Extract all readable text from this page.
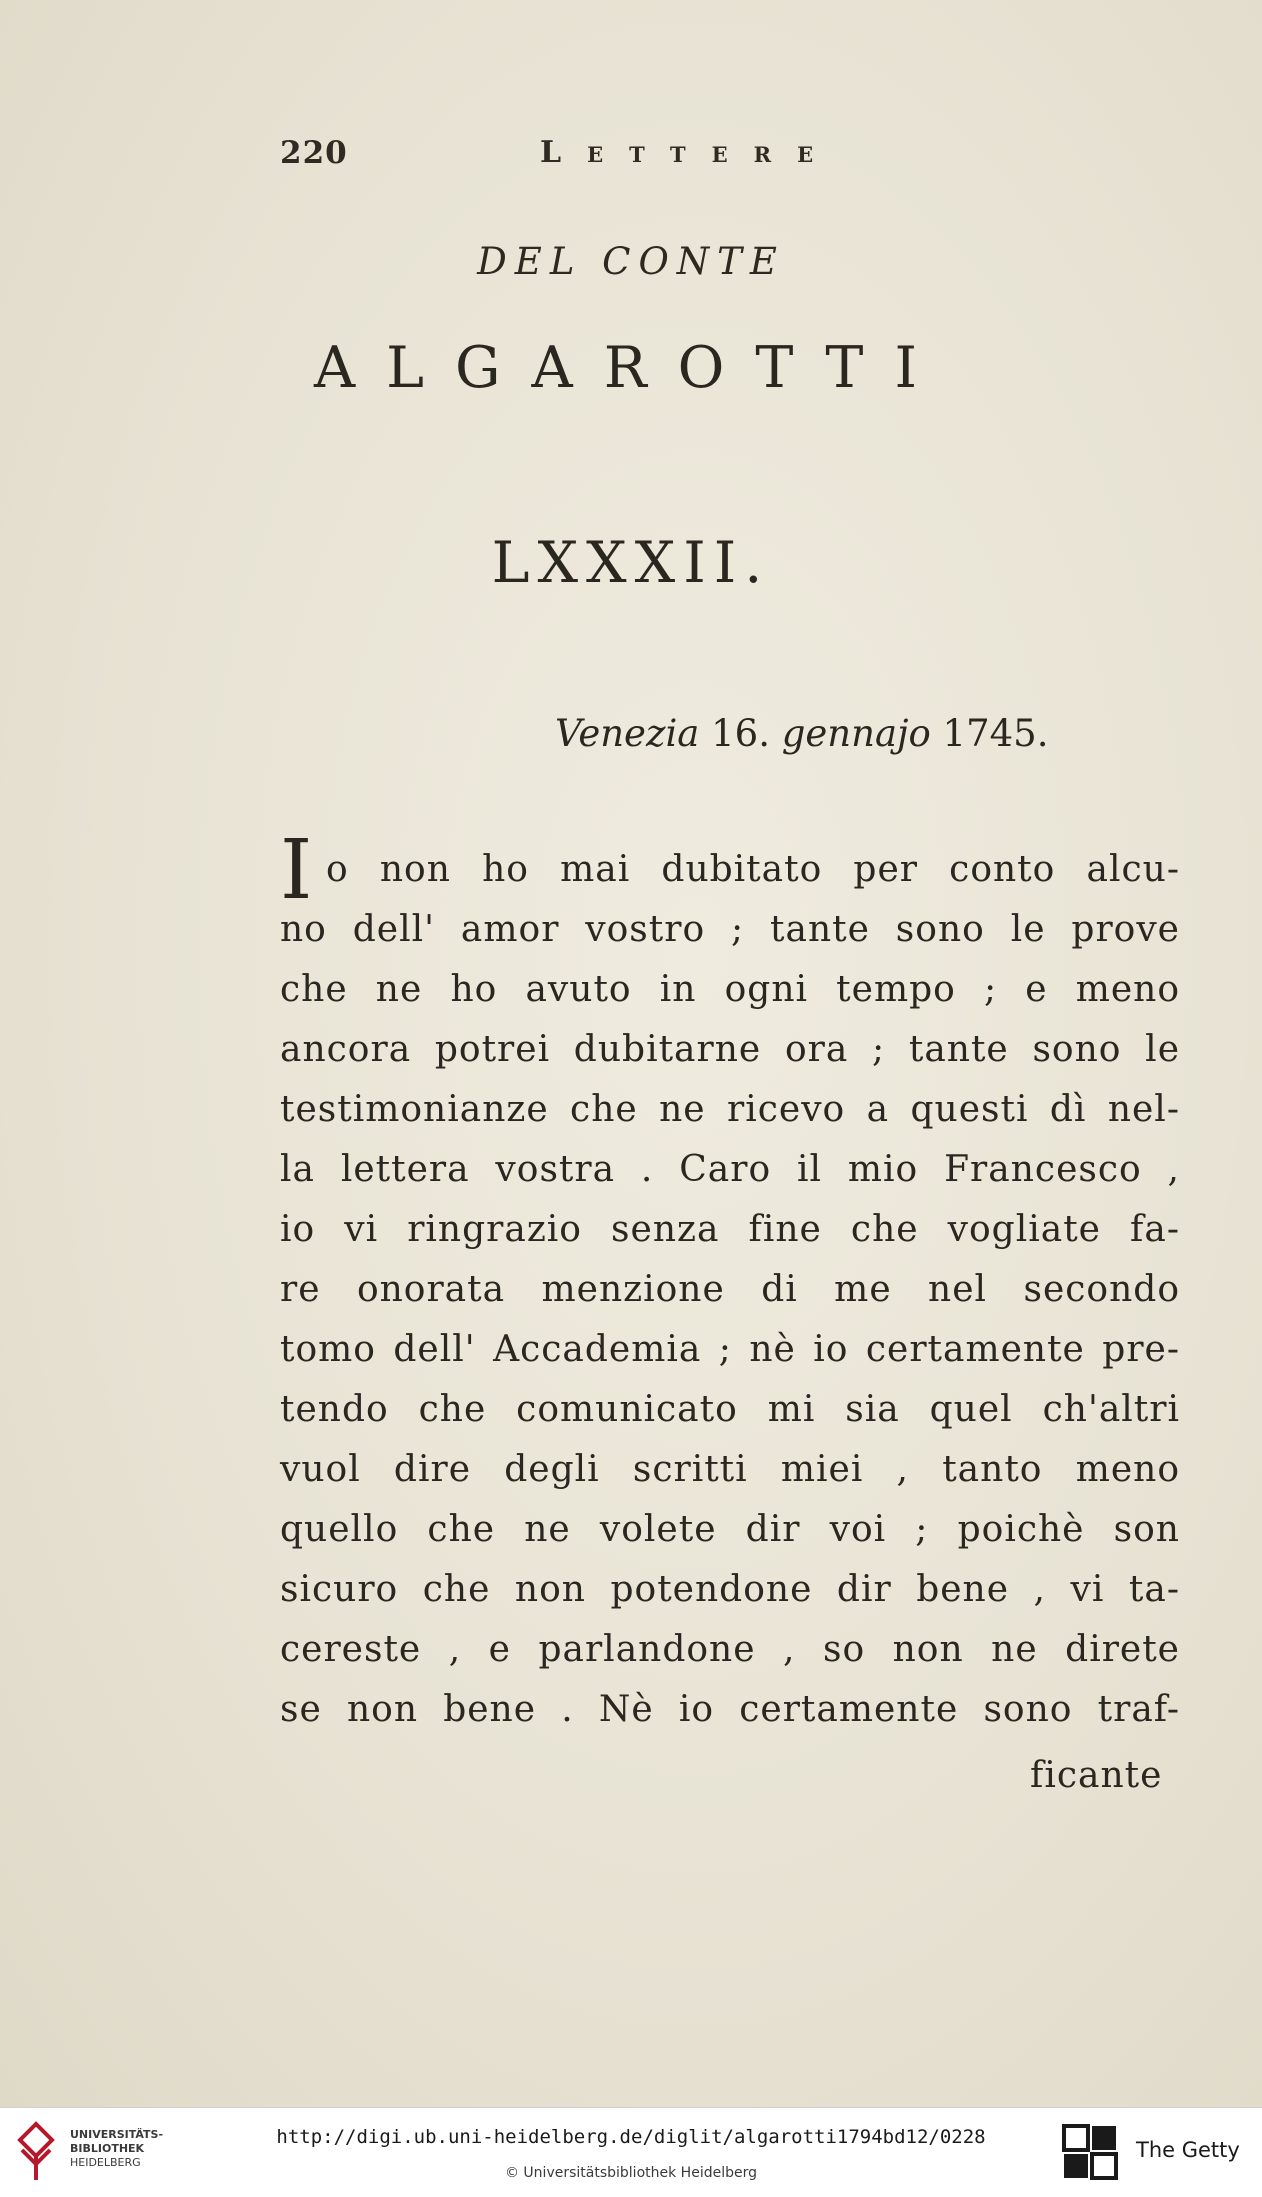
220	Lettere
DEL CONTE
ALGAROTTI
LXXXII.
Venezia 16. gennajo 1745.
I o non ho mai dubitato per conto alcu-
no dell' amor vostro ; tante sono le prove
che ne ho avuto in ogni tempo ; e meno
ancora potrei dubitarne ora ; tante sono le
testimonianze che ne ricevo a questi dì nel-
la lettera vostra . Caro il mio Francesco ,
io vi ringrazio senza fine che vogliate fa-
re onorata menzione di me nel secondo
tomo dell' Accademia ; nè io certamente pre-
tendo che comunicato mi sia quel ch'altri
vuol dire degli scritti miei , tanto meno
quello che ne volete dir voi ; poichè son
sicuro che non potendone dir bene , vi ta-
cereste , e parlandone , so non ne direte
se non bene . Nè io certamente sono traf-
ficante
UNIVERSITÄTS-
BIBLIOTHEK
HEIDELBERG
http://digi.ub.uni-heidelberg.de/diglit/algarotti1794bd12/0228
© Universitätsbibliothek Heidelberg
The Getty
